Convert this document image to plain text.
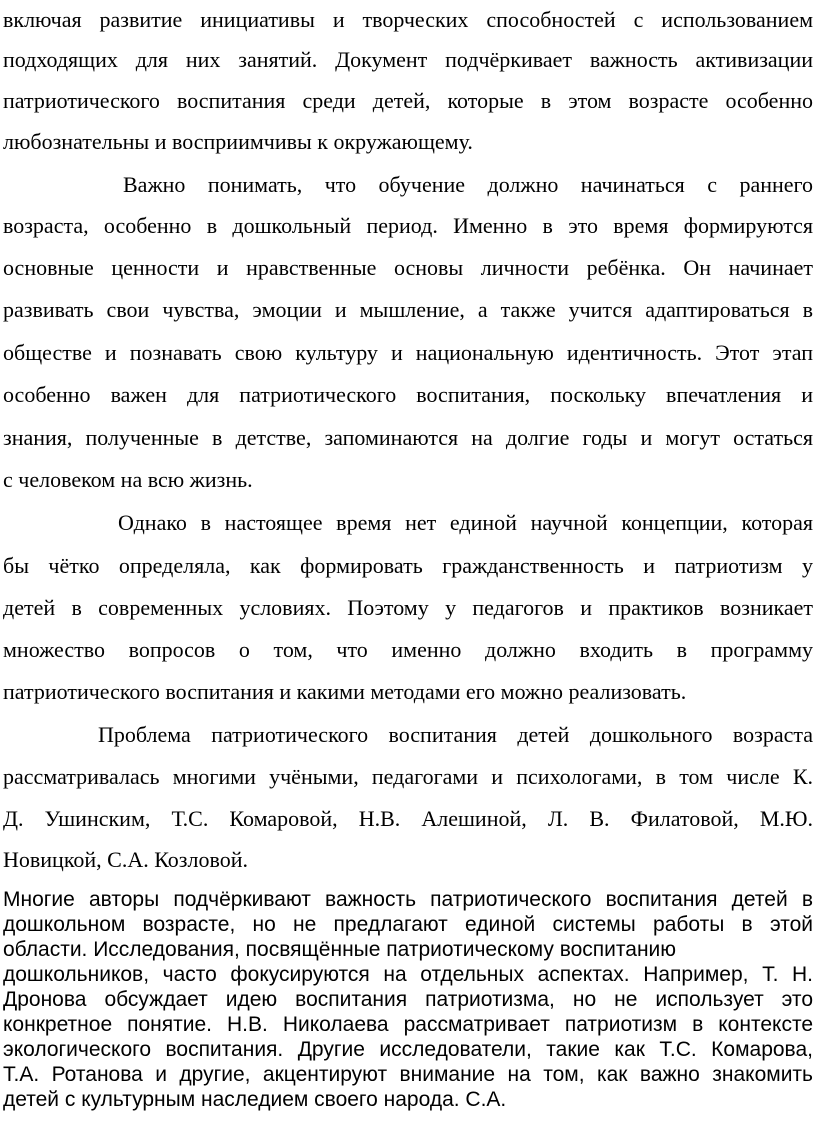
включая развитие инициативы и творческих способностей с использованием
подходящих для них занятий. Документ подчёркивает важность активизации
патриотического воспитания среди детей, которые в этом возрасте особенно
любознательны и восприимчивы к окружающему.
Важно понимать, что обучение должно начинаться с раннего
возраста, особенно в дошкольный период. Именно в это время формируются
основные ценности и нравственные основы личности ребёнка. Он начинает
развивать свои чувства, эмоции и мышление, а также учится адаптироваться в
обществе и познавать свою культуру и национальную идентичность. Этот этап
особенно важен для патриотического воспитания, поскольку впечатления и
знания, полученные в детстве, запоминаются на долгие годы и могут остаться
с человеком на всю жизнь.
Однако в настоящее время нет единой научной концепции, которая
бы чётко определяла, как формировать гражданственность и патриотизм у
детей в современных условиях. Поэтому у педагогов и практиков возникает
множество вопросов о том, что именно должно входить в программу
патриотического воспитания и какими методами его можно реализовать.
Проблема патриотического воспитания детей дошкольного возраста
рассматривалась многими учёными, педагогами и психологами, в том числе К.
Д. Ушинским, Т.С. Комаровой, Н.В. Алешиной, Л. В. Филатовой, М.Ю.
Новицкой, С.А. Козловой.
Многие авторы подчёркивают важность патриотического воспитания детей в
дошкольном возрасте, но не предлагают единой системы работы в этой
области. Исследования, посвящённые патриотическому воспитанию
дошкольников, часто фокусируются на отдельных аспектах. Например, Т. Н.
Дронова обсуждает идею воспитания патриотизма, но не использует это
конкретное понятие. Н.В. Николаева рассматривает патриотизм в контексте
экологического воспитания. Другие исследователи, такие как Т.С. Комарова,
Т.А. Ротанова и другие, акцентируют внимание на том, как важно знакомить
детей с культурным наследием своего народа. С.А.
